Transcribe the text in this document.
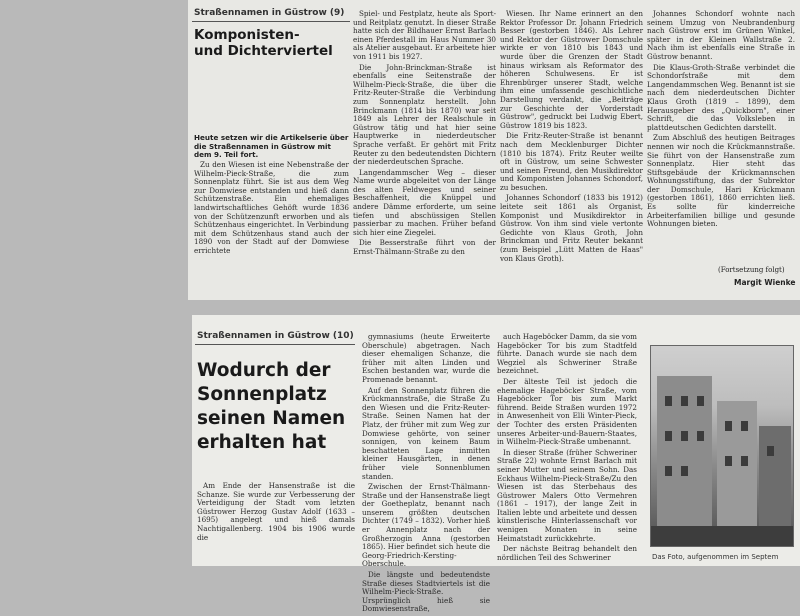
Straßennamen in Güstrow (9)
Komponisten-
und Dichterviertel
Heute setzen wir die Artikelserie über die Straßennamen in Güstrow mit dem 9. Teil fort.

Zu den Wiesen ist eine Nebenstraße der Wilhelm-Pieck-Straße, die zum Sonnenplatz führt. Sie ist aus dem Weg zur Domwiese entstanden und hieß dann Schützenstraße. Ein ehemaliges landwirtschaftliches Gehöft wurde 1836 von der Schützenzunft erworben und als Schützenhaus eingerichtet. In Verbindung mit dem Schützenhaus stand auch der 1890 von der Stadt auf der Domwiese errichtete

Spiel- und Festplatz, heute als Sport- und Reitplatz genutzt. In dieser Straße hatte sich der Bildhauer Ernst Barlach einen Pferdestall im Haus Nummer 30 als Atelier ausgebaut. Er arbeitete hier von 1911 bis 1927.

Die John-Brinckman-Straße ist ebenfalls eine Seitenstraße der Wilhelm-Pieck-Straße, die über die Fritz-Reuter-Straße die Verbindung zum Sonnenplatz herstellt. John Brinckmann (1814 bis 1870) war seit 1849 als Lehrer der Realschule in Güstrow tätig und hat hier seine Hauptwerke in niederdeutscher Sprache verfaßt. Er gehört mit Fritz Reuter zu den bedeutendsten Dichtern der niederdeutschen Sprache.

Langendammscher Weg – dieser Name wurde abgeleitet von der Länge des alten Feldweges und seiner Beschaffenheit, die Knüppel und andere Dämme erforderte, um seine tiefen und abschüssigen Stellen passierbar zu machen. Früher befand sich hier eine Ziegelei.

Die Besserstraße führt von der Ernst-Thälmann-Straße zu den

Wiesen. Ihr Name erinnert an den Rektor Professor Dr. Johann Friedrich Besser (gestorben 1846). Als Lehrer und Rektor der Güstrower Domschule wirkte er von 1810 bis 1843 und wurde über die Grenzen der Stadt hinaus wirksam als Reformator des höheren Schulwesens. Er ist Ehrenbürger unserer Stadt, welche ihm eine umfassende geschichtliche Darstellung verdankt, die „Beiträge zur Geschichte der Vorderstadt Güstrow", gedruckt bei Ludwig Ebert, Güstrow 1819 bis 1823.

Die Fritz-Reuter-Straße ist benannt nach dem Mecklenburger Dichter (1810 bis 1874). Fritz Reuter weilte oft in Güstrow, um seine Schwester und seinen Freund, den Musikdirektor und Komponisten Johannes Schondorf, zu besuchen.

Johannes Schondorf (1833 bis 1912) leitete seit 1861 als Organist, Komponist und Musikdirektor in Güstrow. Von ihm sind viele vertonte Gedichte von Klaus Groth, John Brinckman und Fritz Reuter bekannt (zum Beispiel „Lütt Matten de Haas" von Klaus Groth).

Johannes Schondorf wohnte nach seinem Umzug von Neubrandenburg nach Güstrow erst im Grünen Winkel, später in der Kleinen Wallstraße 2. Nach ihm ist ebenfalls eine Straße in Güstrow benannt.

Die Klaus-Groth-Straße verbindet die Schondorfstraße mit dem Langendammschen Weg. Benannt ist sie nach dem niederdeutschen Dichter Klaus Groth (1819 – 1899), dem Herausgeber des „Quickborn", einer Schrift, die das Volksleben in plattdeutschen Gedichten darstellt.

Zum Abschluß des heutigen Beitrages nennen wir noch die Krückmannstraße. Sie führt von der Hansenstraße zum Sonnenplatz. Hier steht das Stiftsgebäude der Krückmannschen Wohnungsstiftung, das der Subrektor der Domschule, Hari Krückmann (gestorben 1861), 1860 errichten ließ. Es sollte für kinderreiche Arbeiterfamilien billige und gesunde Wohnungen bieten.

(Fortsetzung folgt)
Margit Wienke
Straßennamen in Güstrow (10)
Wodurch der
Sonnenplatz
seinen Namen
erhalten hat

Am Ende der Hansenstraße ist die Schanze. Sie wurde zur Verbesserung der Verteidigung der Stadt vom letzten Güstrower Herzog Gustav Adolf (1633 – 1695) angelegt und hieß damals Nachtigallenberg. 1904 bis 1906 wurde die

gymnasiums (heute Erweiterte Oberschule) abgetragen. Nach dieser ehemaligen Schanze, die früher mit alten Linden und Eschen bestanden war, wurde die Promenade benannt.

Auf den Sonnenplatz führen die Krückmannstraße, die Straße Zu den Wiesen und die Fritz-Reuter-Straße. Seinen Namen hat der Platz, der früher mit zum Weg zur Domwiese gehörte, von seiner sonnigen, von keinem Baum beschatteten Lage inmitten kleiner Hausgärten, in denen früher viele Sonnenblumen standen.

Zwischen der Ernst-Thälmann-Straße und der Hansenstraße liegt der Goetheplatz, benannt nach unserem größten deutschen Dichter (1749 – 1832). Vorher hieß er Annenplatz nach der Großherzogin Anna (gestorben 1865). Hier befindet sich heute die Georg-Friedrich-Kersting-Oberschule.

Die längste und bedeutendste Straße dieses Stadtviertels ist die Wilhelm-Pieck-Straße. Ursprünglich hieß sie Domwiesenstraße,

auch Hageböcker Damm, da sie vom Hageböcker Tor bis zum Stadtfeld führte. Danach wurde sie nach dem Wegziel als Schweriner Straße bezeichnet.

Der älteste Teil ist jedoch die ehemalige Hageböcker Straße, vom Hageböcker Tor bis zum Markt führend. Beide Straßen wurden 1972 in Anwesenheit von Elli Winter-Pieck, der Tochter des ersten Präsidenten unseres Arbeiter-und-Bauern-Staates, in Wilhelm-Pieck-Straße umbenannt.

In dieser Straße (früher Schweriner Straße 22) wohnte Ernst Barlach mit seiner Mutter und seinem Sohn. Das Eckhaus Wilhelm-Pieck-Straße/Zu den Wiesen ist das Sterbehaus des Güstrower Malers Otto Vermehren (1861 – 1917), der lange Zeit in Italien lebte und arbeitete und dessen künstlerische Hinterlassenschaft vor wenigen Monaten in seine Heimatstadt zurückkehrte.

Der nächste Beitrag behandelt den nördlichen Teil des Schweriner	Das Foto, aufgenommen im Septem
